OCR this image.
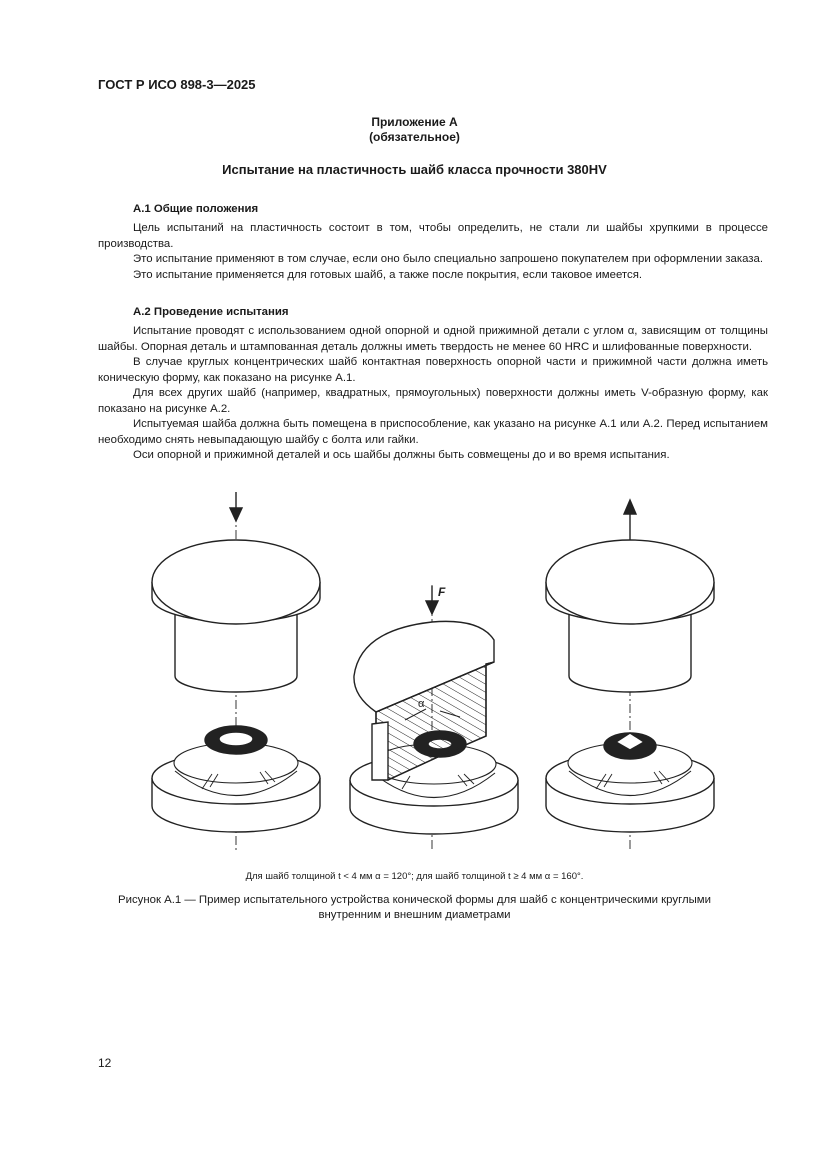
ГОСТ Р ИСО 898-3—2025
Приложение А
(обязательное)
Испытание на пластичность шайб класса прочности 380HV
А.1 Общие положения

Цель испытаний на пластичность состоит в том, чтобы определить, не стали ли шайбы хрупкими в процессе производства.

Это испытание применяют в том случае, если оно было специально запрошено покупателем при оформлении заказа.

Это испытание применяется для готовых шайб, а также после покрытия, если таковое имеется.

А.2 Проведение испытания

Испытание проводят с использованием одной опорной и одной прижимной детали с углом α, зависящим от толщины шайбы. Опорная деталь и штампованная деталь должны иметь твердость не менее 60 HRC и шлифованные поверхности.

В случае круглых концентрических шайб контактная поверхность опорной части и прижимной части должна иметь коническую форму, как показано на рисунке А.1.

Для всех других шайб (например, квадратных, прямоугольных) поверхности должны иметь V-образную форму, как показано на рисунке А.2.

Испытуемая шайба должна быть помещена в приспособление, как указано на рисунке А.1 или А.2. Перед испытанием необходимо снять невыпадающую шайбу с болта или гайки.

Оси опорной и прижимной деталей и ось шайбы должны быть совмещены до и во время испытания.

F
α
Для шайб толщиной t < 4 мм α = 120°; для шайб толщиной t ≥ 4 мм α = 160°.
Рисунок А.1 — Пример испытательного устройства конической формы для шайб с концентрическими круглыми внутренним и внешним диаметрами
12
